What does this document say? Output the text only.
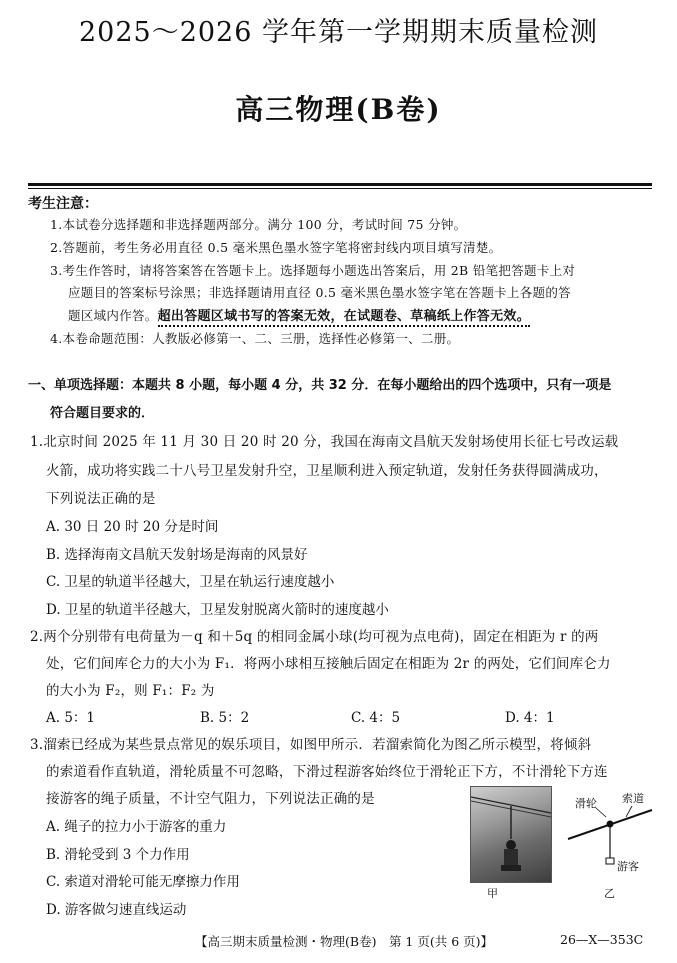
2025～2026 学年第一学期期末质量检测
高三物理(B卷)
考生注意：
1.本试卷分选择题和非选择题两部分。满分 100 分，考试时间 75 分钟。
2.答题前，考生务必用直径 0.5 毫米黑色墨水签字笔将密封线内项目填写清楚。
3.考生作答时，请将答案答在答题卡上。选择题每小题选出答案后，用 2B 铅笔把答题卡上对
应题目的答案标号涂黑；非选择题请用直径 0.5 毫米黑色墨水签字笔在答题卡上各题的答
题区域内作答。超出答题区域书写的答案无效，在试题卷、草稿纸上作答无效。
4.本卷命题范围：人教版必修第一、二、三册，选择性必修第一、二册。
一、单项选择题：本题共 8 小题，每小题 4 分，共 32 分．在每小题给出的四个选项中，只有一项是
符合题目要求的．
1.北京时间 2025 年 11 月 30 日 20 时 20 分，我国在海南文昌航天发射场使用长征七号改运载
火箭，成功将实践二十八号卫星发射升空，卫星顺利进入预定轨道，发射任务获得圆满成功，
下列说法正确的是
A. 30 日 20 时 20 分是时间
B. 选择海南文昌航天发射场是海南的风景好
C. 卫星的轨道半径越大，卫星在轨运行速度越小
D. 卫星的轨道半径越大，卫星发射脱离火箭时的速度越小
2.两个分别带有电荷量为－q 和＋5q 的相同金属小球(均可视为点电荷)，固定在相距为 r 的两
处，它们间库仑力的大小为 F₁．将两小球相互接触后固定在相距为 2r 的两处，它们间库仑力
的大小为 F₂，则 F₁：F₂ 为
A. 5：1	B. 5：2	C. 4：5	D. 4：1
3.溜索已经成为某些景点常见的娱乐项目，如图甲所示．若溜索简化为图乙所示模型，将倾斜
的索道看作直轨道，滑轮质量不可忽略，下滑过程游客始终位于滑轮正下方，不计滑轮下方连
接游客的绳子质量，不计空气阻力，下列说法正确的是
A. 绳子的拉力小于游客的重力
B. 滑轮受到 3 个力作用
C. 索道对滑轮可能无摩擦力作用
D. 游客做匀速直线运动
甲
滑轮 索道
游客
乙
【高三期末质量检测・物理(B卷)　第 1 页(共 6 页)】	26—X—353C
